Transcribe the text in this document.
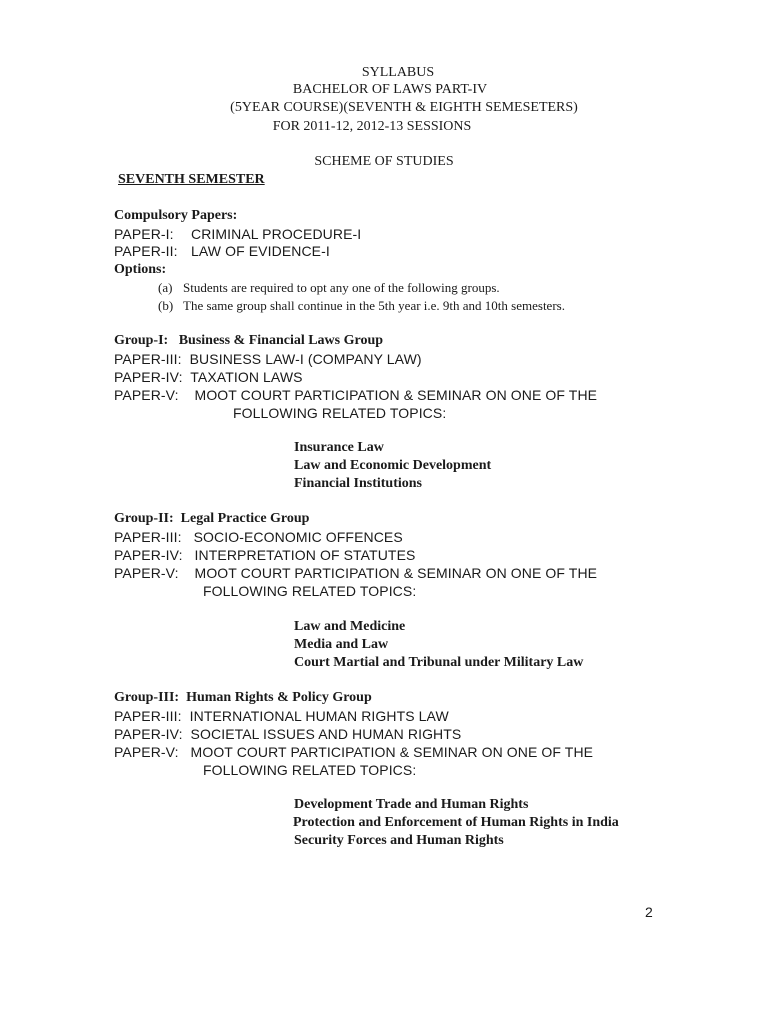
SYLLABUS
BACHELOR OF LAWS PART-IV
(5YEAR COURSE)(SEVENTH & EIGHTH SEMESETERS)
FOR 2011-12, 2012-13 SESSIONS
SCHEME OF STUDIES
SEVENTH SEMESTER
Compulsory Papers:
PAPER-I: CRIMINAL PROCEDURE-I
PAPER-II: LAW OF EVIDENCE-I
Options:
(a) Students are required to opt any one of the following groups.
(b) The same group shall continue in the 5th year i.e. 9th and 10th semesters.
Group-I:   Business & Financial Laws Group
PAPER-III:  BUSINESS LAW-I (COMPANY LAW)
PAPER-IV:  TAXATION LAWS
PAPER-V:    MOOT COURT PARTICIPATION & SEMINAR ON ONE OF THE
FOLLOWING RELATED TOPICS:
Insurance Law
Law and Economic Development
Financial Institutions
Group-II:  Legal Practice Group
PAPER-III:   SOCIO-ECONOMIC OFFENCES
PAPER-IV:   INTERPRETATION OF STATUTES
PAPER-V:    MOOT COURT PARTICIPATION & SEMINAR ON ONE OF THE
FOLLOWING RELATED TOPICS:
Law and Medicine
Media and Law
Court Martial and Tribunal under Military Law
Group-III:  Human Rights & Policy Group
PAPER-III:  INTERNATIONAL HUMAN RIGHTS LAW
PAPER-IV:  SOCIETAL ISSUES AND HUMAN RIGHTS
PAPER-V:   MOOT COURT PARTICIPATION & SEMINAR ON ONE OF THE
FOLLOWING RELATED TOPICS:
Development Trade and Human Rights
Protection and Enforcement of Human Rights in India
Security Forces and Human Rights
2
